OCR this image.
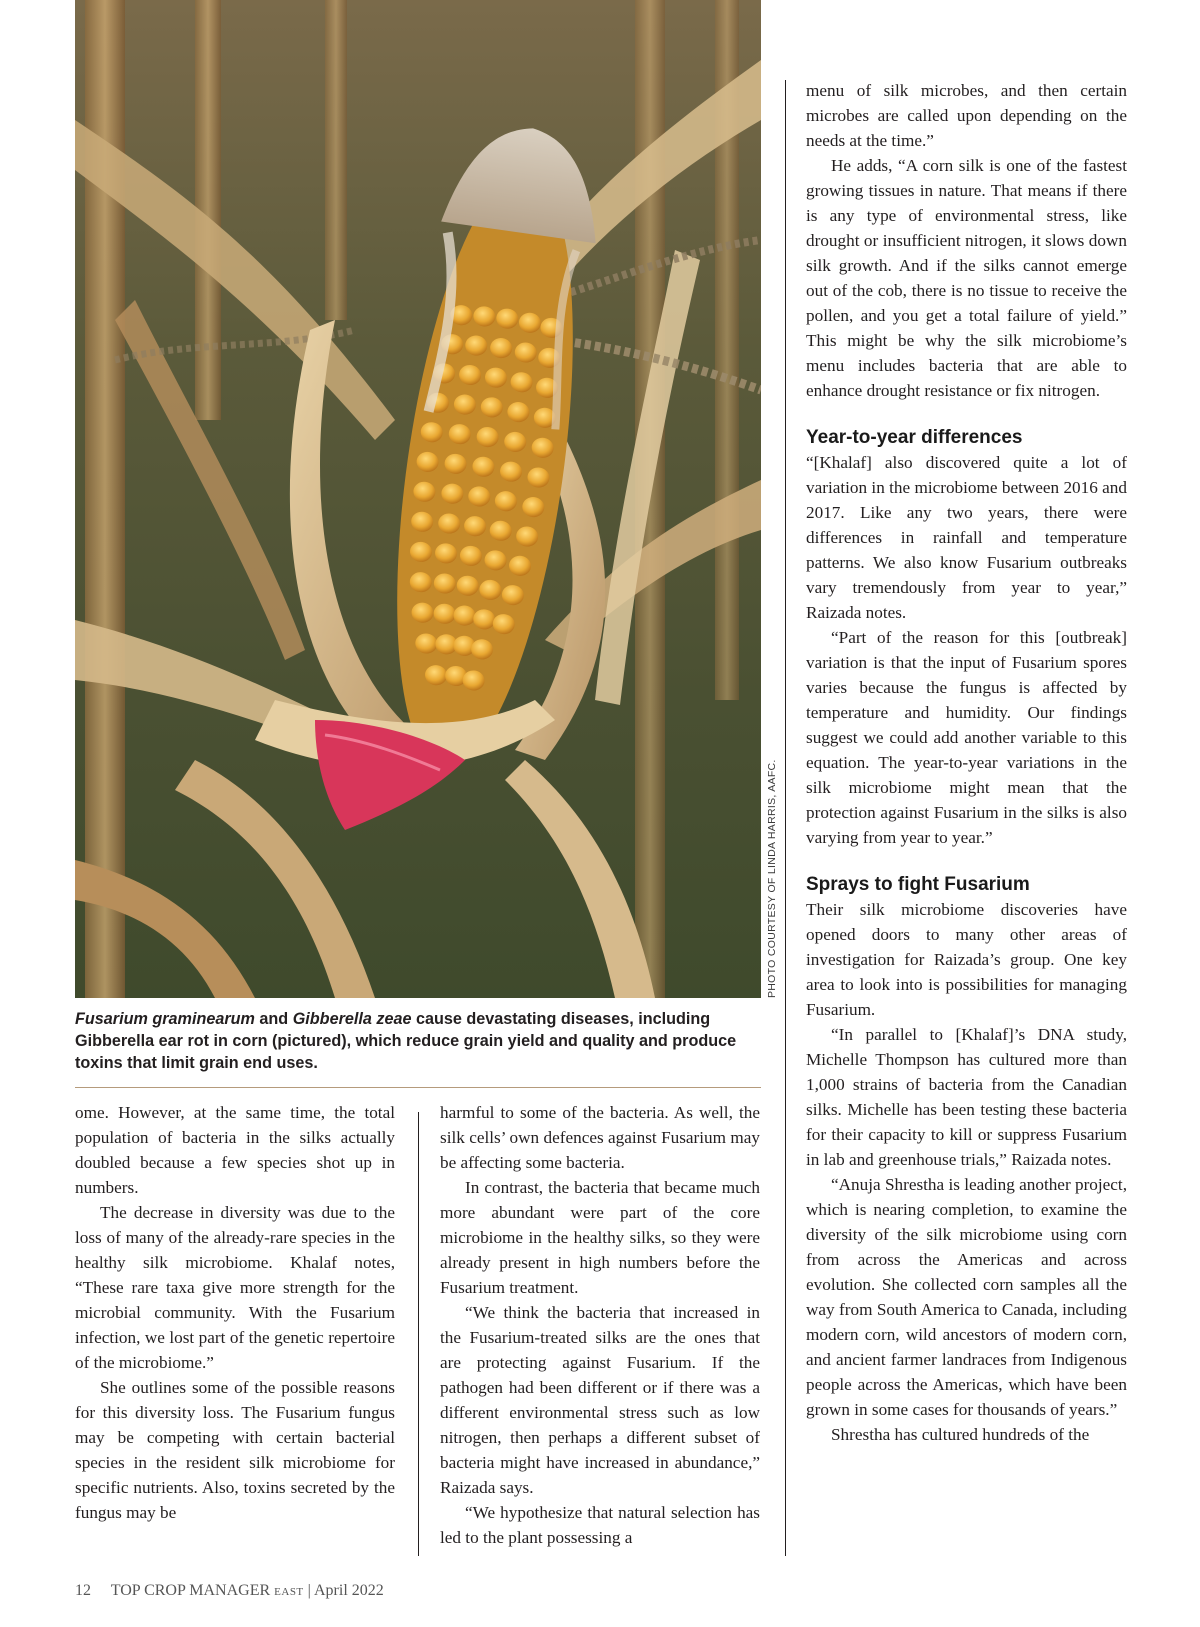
PHOTO COURTESY OF LINDA HARRIS, AAFC.
Fusarium graminearum and Gibberella zeae cause devastating diseases, including Gibberella ear rot in corn (pictured), which reduce grain yield and quality and produce toxins that limit grain end uses.

ome. However, at the same time, the total population of bacteria in the silks actually doubled because a few species shot up in numbers.

The decrease in diversity was due to the loss of many of the already-rare species in the healthy silk microbiome. Khalaf notes, “These rare taxa give more strength for the microbial community. With the Fusarium infection, we lost part of the genetic repertoire of the microbiome.”

She outlines some of the possible reasons for this diversity loss. The Fusarium fungus may be competing with certain bacterial species in the resident silk microbiome for specific nutrients. Also, toxins secreted by the fungus may be

harmful to some of the bacteria. As well, the silk cells’ own defences against Fusarium may be affecting some bacteria.

In contrast, the bacteria that became much more abundant were part of the core microbiome in the healthy silks, so they were already present in high numbers before the Fusarium treatment.

“We think the bacteria that increased in the Fusarium-treated silks are the ones that are protecting against Fusarium. If the pathogen had been different or if there was a different environmental stress such as low nitrogen, then perhaps a different subset of bacteria might have increased in abundance,” Raizada says.

“We hypothesize that natural selection has led to the plant possessing a

menu of silk microbes, and then certain microbes are called upon depending on the needs at the time.”

He adds, “A corn silk is one of the fastest growing tissues in nature. That means if there is any type of environmental stress, like drought or insufficient nitrogen, it slows down silk growth. And if the silks cannot emerge out of the cob, there is no tissue to receive the pollen, and you get a total failure of yield.” This might be why the silk microbiome’s menu includes bacteria that are able to enhance drought resistance or fix nitrogen.

Year-to-year differences

“[Khalaf] also discovered quite a lot of variation in the microbiome between 2016 and 2017. Like any two years, there were differences in rainfall and temperature patterns. We also know Fusarium outbreaks vary tremendously from year to year,” Raizada notes.

“Part of the reason for this [outbreak] variation is that the input of Fusarium spores varies because the fungus is affected by temperature and humidity. Our findings suggest we could add another variable to this equation. The year-to-year variations in the silk microbiome might mean that the protection against Fusarium in the silks is also varying from year to year.”

Sprays to fight Fusarium

Their silk microbiome discoveries have opened doors to many other areas of investigation for Raizada’s group. One key area to look into is possibilities for managing Fusarium.

“In parallel to [Khalaf]’s DNA study, Michelle Thompson has cultured more than 1,000 strains of bacteria from the Canadian silks. Michelle has been testing these bacteria for their capacity to kill or suppress Fusarium in lab and greenhouse trials,” Raizada notes.

“Anuja Shrestha is leading another project, which is nearing completion, to examine the diversity of the silk microbiome using corn from across the Americas and across evolution. She collected corn samples all the way from South America to Canada, including modern corn, wild ancestors of modern corn, and ancient farmer landraces from Indigenous people across the Americas, which have been grown in some cases for thousands of years.”

Shrestha has cultured hundreds of the

12 TOP CROP MANAGER EAST | April 2022
